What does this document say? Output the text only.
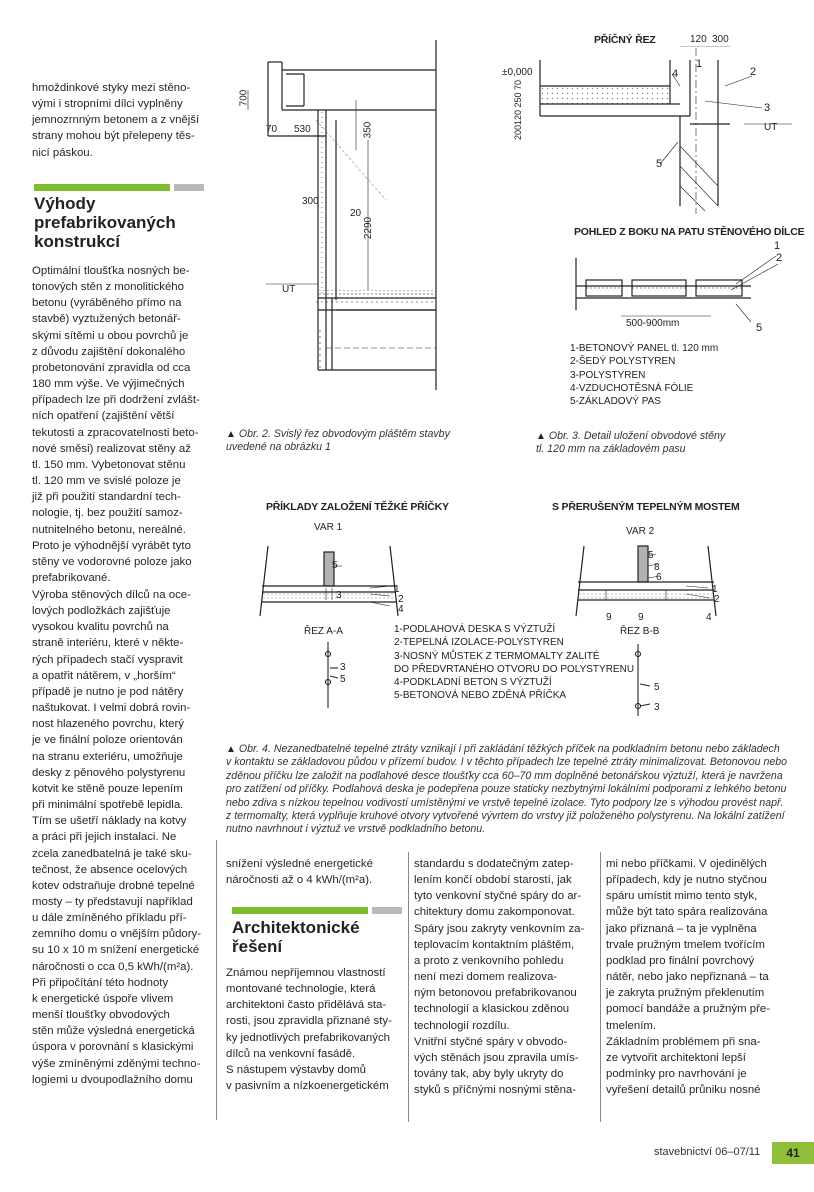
hmoždinkové styky mezi stěno-
vými i stropními dílci vyplněny
jemnozrnným betonem a z vnější
strany mohou být přelepeny těs-
nicí páskou.
Výhody
prefabrikovaných
konstrukcí
Optimální tloušťka nosných be-
tonových stěn z monolitického
betonu (vyráběného přímo na
stavbě) vyztužených betonář-
skými sítěmi u obou povrchů je
z důvodu zajištění dokonalého
probetonování zpravidla od cca
180 mm výše. Ve výjimečných
případech lze při dodržení zvlášt-
ních opatření (zajištění větší
tekutosti a zpracovatelnosti beto-
nové směsi) realizovat stěny až
tl. 150 mm. Vybetonovat stěnu
tl. 120 mm ve svislé poloze je
již při použití standardní tech-
nologie, tj. bez použití samoz-
nutnitelného betonu, nereálné.
Proto je výhodnější vyrábět tyto
stěny ve vodorovné poloze jako
prefabrikované.
Výroba stěnových dílců na oce-
lových podložkách zajišťuje
vysokou kvalitu povrchů na
straně interiéru, které v někte-
rých případech stačí vyspravit
a opatřit nátěrem, v „horším“
případě je nutno je pod nátěry
naštukovat. I velmi dobrá rovin-
nost hlazeného povrchu, který
je ve finální poloze orientován
na stranu exteriéru, umožňuje
desky z pěnového polystyrenu
kotvit ke stěně pouze lepením
při minimální spotřebě lepidla.
Tím se ušetří náklady na kotvy
a práci při jejich instalaci. Ne
zcela zanedbatelná je také sku-
tečnost, že absence ocelových
kotev odstraňuje drobné tepelné
mosty – ty představují například
u dále zmíněného příkladu pří-
zemního domu o vnějším půdory-
su 10 x 10 m snížení energetické
náročnosti o cca 0,5 kWh/(m²a).
Při připočítání této hodnoty
k energetické úspoře vlivem
menší tloušťky obvodových
stěn může výsledná energetická
úspora v porovnání s klasickými
výše zmíněnými zděnými techno-
logiemi u dvoupodlažního domu
700
70 530	350
300
20
2290
UT
▲ Obr. 2. Svislý řez obvodovým pláštěm stavby
uvedené na obrázku 1
PŘÍČNÝ ŘEZ	120 300
±0,000
200120 250 70
1
4	2
3
UT
5
POHLED Z BOKU NA PATU STĚNOVÉHO DÍLCE
1
2
500-900mm	5
1-BETONOVÝ PANEL tl. 120 mm
2-ŠEDÝ POLYSTYREN
3-POLYSTYREN
4-VZDUCHOTĚSNÁ FÓLIE
5-ZÁKLADOVÝ PAS
▲ Obr. 3. Detail uložení obvodové stěny
tl. 120 mm na základovém pasu
PŘÍKLADY ZALOŽENÍ TĚŽKÉ PŘÍČKY	S PŘERUŠENÝM TEPELNÝM MOSTEM
VAR 1	VAR 2
5
3
1
2
4
ŘEZ A-A
3
5
1-PODLAHOVÁ DESKA S VÝZTUŽÍ
2-TEPELNÁ IZOLACE-POLYSTYREN
3-NOSNÝ MŮSTEK Z TERMOMALTY ZALITÉ
DO PŘEDVRTANÉHO OTVORU DO POLYSTYRENU
4-PODKLADNÍ BETON S VÝZTUŽÍ
5-BETONOVÁ NEBO ZDĚNÁ PŘÍČKA
5
8
6
1
2
4
9	9
ŘEZ B-B
5
3
▲ Obr. 4. Nezanedbatelné tepelné ztráty vznikají i při zakládání těžkých příček na podkladním betonu nebo základech
v kontaktu se základovou půdou v přízemí budov. I v těchto případech lze tepelné ztráty minimalizovat. Betonovou nebo
zděnou příčku lze založit na podlahové desce tloušťky cca 60–70 mm doplněné betonářskou výztuží, která je navržena
pro zatížení od příčky. Podlahová deska je podepřena pouze staticky nezbytnými lokálními podporami z lehkého betonu
nebo zdiva s nízkou tepelnou vodivostí umístěnými ve vrstvě tepelné izolace. Tyto podpory lze s výhodou provést např.
z termomalty, která vyplňuje kruhové otvory vytvořené vývrtem do vrstvy již položeného polystyrenu. Na lokální zatížení
nutno navrhnout i výztuž ve vrstvě podkladního betonu.
snížení výsledné energetické
náročnosti až o 4 kWh/(m²a).
Architektonické
řešení
Známou nepříjemnou vlastností
montované technologie, která
architektoni často přidělává sta-
rosti, jsou zpravidla přiznané sty-
ky jednotlivých prefabrikovaných
dílců na venkovní fasádě.
S nástupem výstavby domů
v pasivním a nízkoenergetickém
standardu s dodatečným zatep-
lením končí období starostí, jak
tyto venkovní styčné spáry do ar-
chitektury domu zakomponovat.
Spáry jsou zakryty venkovním za-
teplovacím kontaktním pláštěm,
a proto z venkovního pohledu
není mezi domem realizova-
ným betonovou prefabrikovanou
technologií a klasickou zděnou
technologií rozdílu.
Vnitřní styčné spáry v obvodo-
vých stěnách jsou zpravila umís-
továny tak, aby byly ukryty do
styků s příčnými nosnými stěna-
mi nebo příčkami. V ojedinělých
případech, kdy je nutno styčnou
spáru umístit mimo tento styk,
může být tato spára realizována
jako přiznaná – ta je vyplněna
trvale pružným tmelem tvořícím
podklad pro finální povrchový
nátěr, nebo jako nepřiznaná – ta
je zakryta pružným překlenutím
pomocí bandáže a pružným pře-
tmelením.
Základním problémem při sna-
ze vytvořit architektoni lepší
podmínky pro navrhování je
vyřešení detailů průniku nosné
stavebnictví 06–07/11	41
